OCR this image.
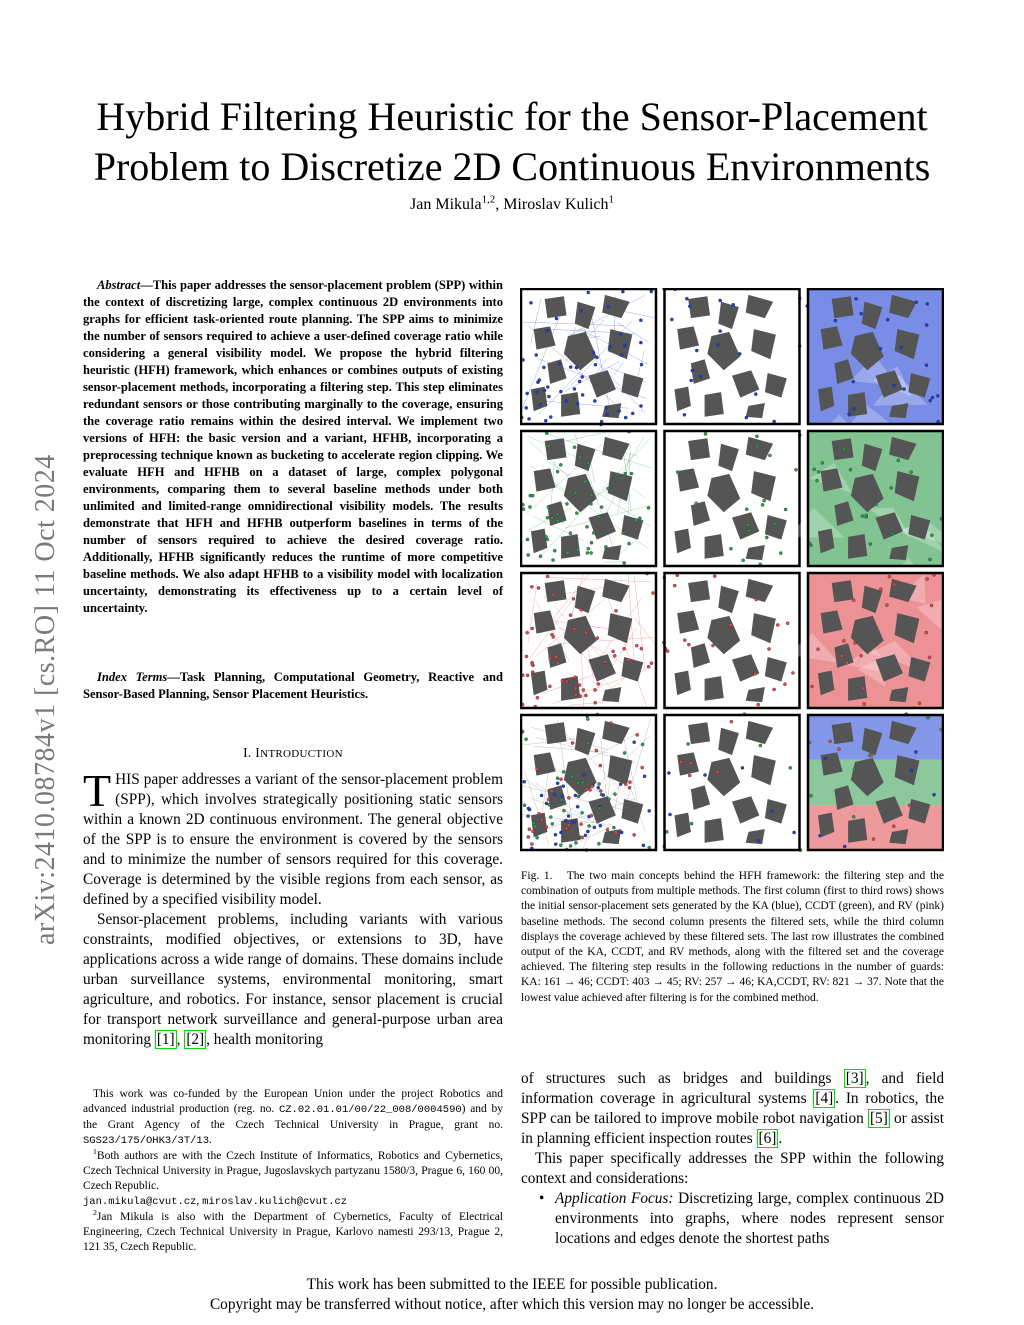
arXiv:2410.08784v1 [cs.RO] 11 Oct 2024
Hybrid Filtering Heuristic for the Sensor-Placement
Problem to Discretize 2D Continuous Environments
Jan Mikula$^{1,2}$, Miroslav Kulich$^1$
Abstract—This paper addresses the sensor-placement problem (SPP) within the context of discretizing large, complex continuous 2D environments into graphs for efficient task-oriented route planning. The SPP aims to minimize the number of sensors required to achieve a user-defined coverage ratio while considering a general visibility model. We propose the hybrid filtering heuristic (HFH) framework, which enhances or combines outputs of existing sensor-placement methods, incorporating a filtering step. This step eliminates redundant sensors or those contributing marginally to the coverage, ensuring the coverage ratio remains within the desired interval. We implement two versions of HFH: the basic version and a variant, HFHB, incorporating a preprocessing technique known as bucketing to accelerate region clipping. We evaluate HFH and HFHB on a dataset of large, complex polygonal environments, comparing them to several baseline methods under both unlimited and limited-range omnidirectional visibility models. The results demonstrate that HFH and HFHB outperform baselines in terms of the number of sensors required to achieve the desired coverage ratio. Additionally, HFHB significantly reduces the runtime of more competitive baseline methods. We also adapt HFHB to a visibility model with localization uncertainty, demonstrating its effectiveness up to a certain level of uncertainty.
Index Terms—Task Planning, Computational Geometry, Reactive and Sensor-Based Planning, Sensor Placement Heuristics.
I. INTRODUCTION

THIS paper addresses a variant of the sensor-placement problem (SPP), which involves strategically positioning static sensors within a known 2D continuous environment. The general objective of the SPP is to ensure the environment is covered by the sensors and to minimize the number of sensors required for this coverage. Coverage is determined by the visible regions from each sensor, as defined by a specified visibility model.

Sensor-placement problems, including variants with various constraints, modified objectives, or extensions to 3D, have applications across a wide range of domains. These domains include urban surveillance systems, environmental monitoring, smart agriculture, and robotics. For instance, sensor placement is crucial for transport network surveillance and general-purpose urban area monitoring [1] , [2] , health monitoring

This work was co-funded by the European Union under the project Robotics and advanced industrial production (reg. no. CZ.02.01.01/00/22_008/0004590) and by the Grant Agency of the Czech Technical University in Prague, grant no. SGS23/175/OHK3/3T/13.

$^1$Both authors are with the Czech Institute of Informatics, Robotics and Cybernetics, Czech Technical University in Prague, Jugoslavskych partyzanu 1580/3, Prague 6, 160 00, Czech Republic.

jan.mikula@cvut.cz, miroslav.kulich@cvut.cz

$^2$Jan Mikula is also with the Department of Cybernetics, Faculty of Electrical Engineering, Czech Technical University in Prague, Karlovo namesti 293/13, Prague 2, 121 35, Czech Republic.

Fig. 1. The two main concepts behind the HFH framework: the filtering step and the combination of outputs from multiple methods. The first column (first to third rows) shows the initial sensor-placement sets generated by the KA (blue), CCDT (green), and RV (pink) baseline methods. The second column presents the filtered sets, while the third column displays the coverage achieved by these filtered sets. The last row illustrates the combined output of the KA, CCDT, and RV methods, along with the filtered set and the coverage achieved. The filtering step results in the following reductions in the number of guards: KA: 161 → 46; CCDT: 403 → 45; RV: 257 → 46; KA,CCDT, RV: 821 → 37. Note that the lowest value achieved after filtering is for the combined method.

of structures such as bridges and buildings [3] , and field information coverage in agricultural systems [4] . In robotics, the SPP can be tailored to improve mobile robot navigation [5] or assist in planning efficient inspection routes [6] .

This paper specifically addresses the SPP within the following context and considerations:

• Application Focus: Discretizing large, complex continuous 2D environments into graphs, where nodes represent sensor locations and edges denote the shortest paths
This work has been submitted to the IEEE for possible publication.
Copyright may be transferred without notice, after which this version may no longer be accessible.
